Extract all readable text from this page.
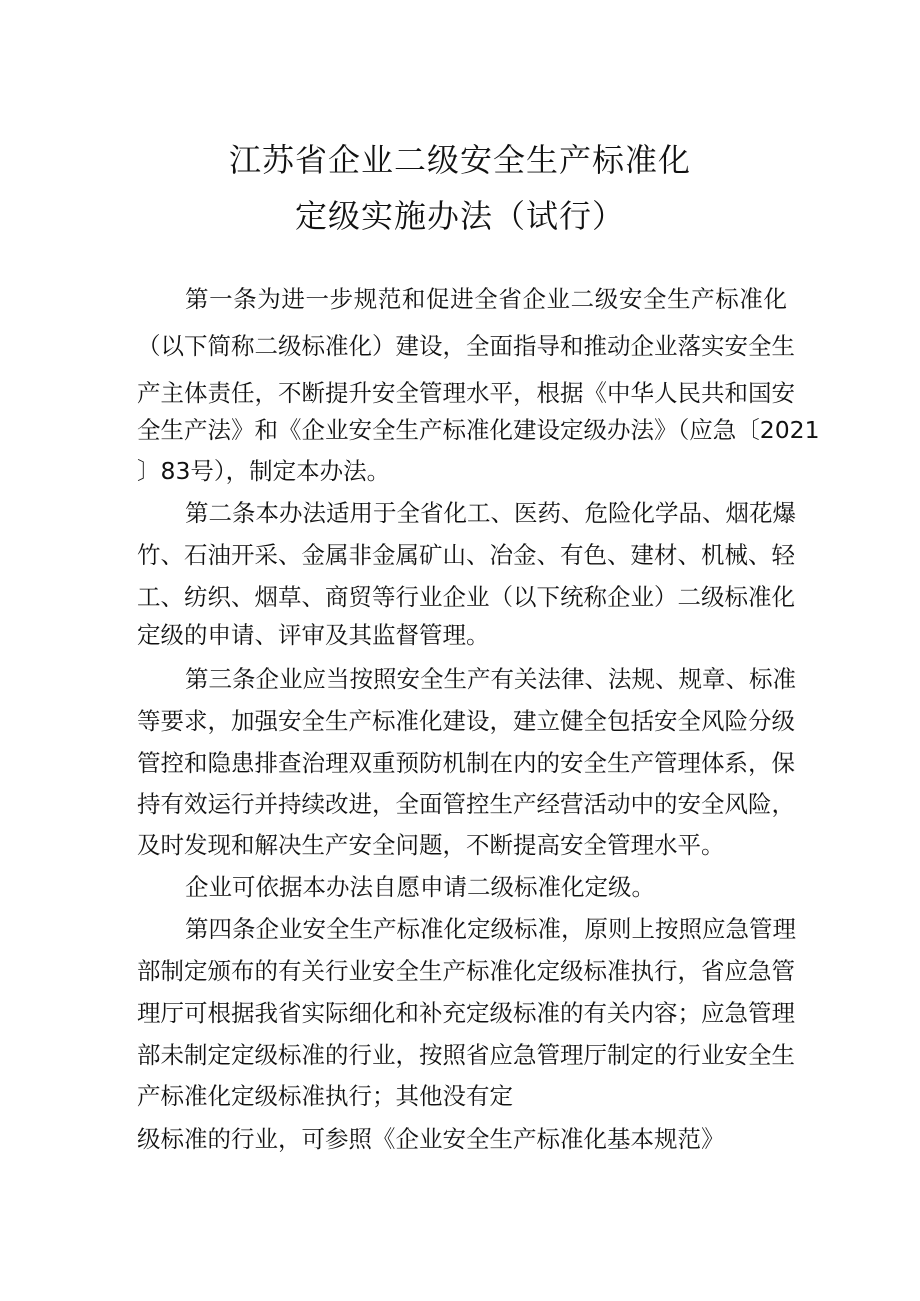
江苏省企业二级安全生产标准化
定级实施办法（试行）
第一条为进一步规范和促进全省企业二级安全生产标准化
（以下简称二级标准化）建设，全面指导和推动企业落实安全生
产主体责任，不断提升安全管理水平，根据《中华人民共和国安
全生产法》和《企业安全生产标准化建设定级办法》（应急〔2021
〕83号），制定本办法。
第二条本办法适用于全省化工、医药、危险化学品、烟花爆
竹、石油开采、金属非金属矿山、冶金、有色、建材、机械、轻
工、纺织、烟草、商贸等行业企业（以下统称企业）二级标准化
定级的申请、评审及其监督管理。
第三条企业应当按照安全生产有关法律、法规、规章、标准
等要求，加强安全生产标准化建设，建立健全包括安全风险分级
管控和隐患排查治理双重预防机制在内的安全生产管理体系，保
持有效运行并持续改进，全面管控生产经营活动中的安全风险，
及时发现和解决生产安全问题，不断提高安全管理水平。
企业可依据本办法自愿申请二级标准化定级。
第四条企业安全生产标准化定级标准，原则上按照应急管理
部制定颁布的有关行业安全生产标准化定级标准执行，省应急管
理厅可根据我省实际细化和补充定级标准的有关内容；应急管理
部未制定定级标准的行业，按照省应急管理厅制定的行业安全生
产标准化定级标准执行；其他没有定
级标准的行业，可参照《企业安全生产标准化基本规范》
